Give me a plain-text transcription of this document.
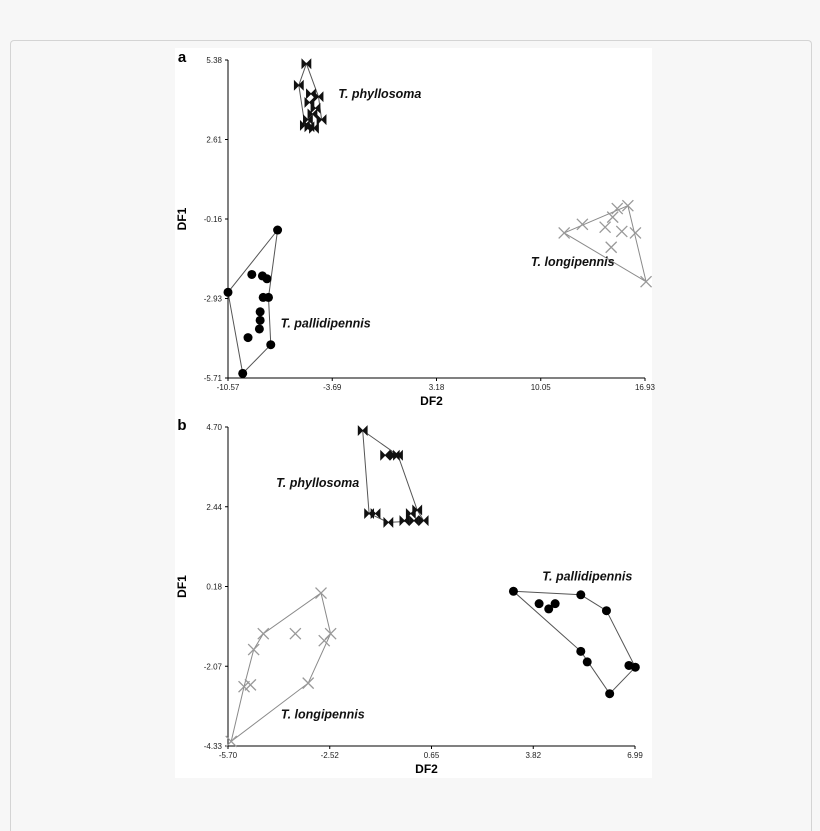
a	5.38
2.61
-0.16
-2.93
-5.71
-10.57	-3.69	3.18	10.05	16.93
DF2
DF1
T. phyllosoma
T. longipennis
T. pallidipennis
b 4.70
2.44
0.18
-2.07
-4.33
-5.70	-2.52	0.65	3.82	6.99
DF2
DF1
T. phyllosoma
T. longipennis
T. pallidipennis
